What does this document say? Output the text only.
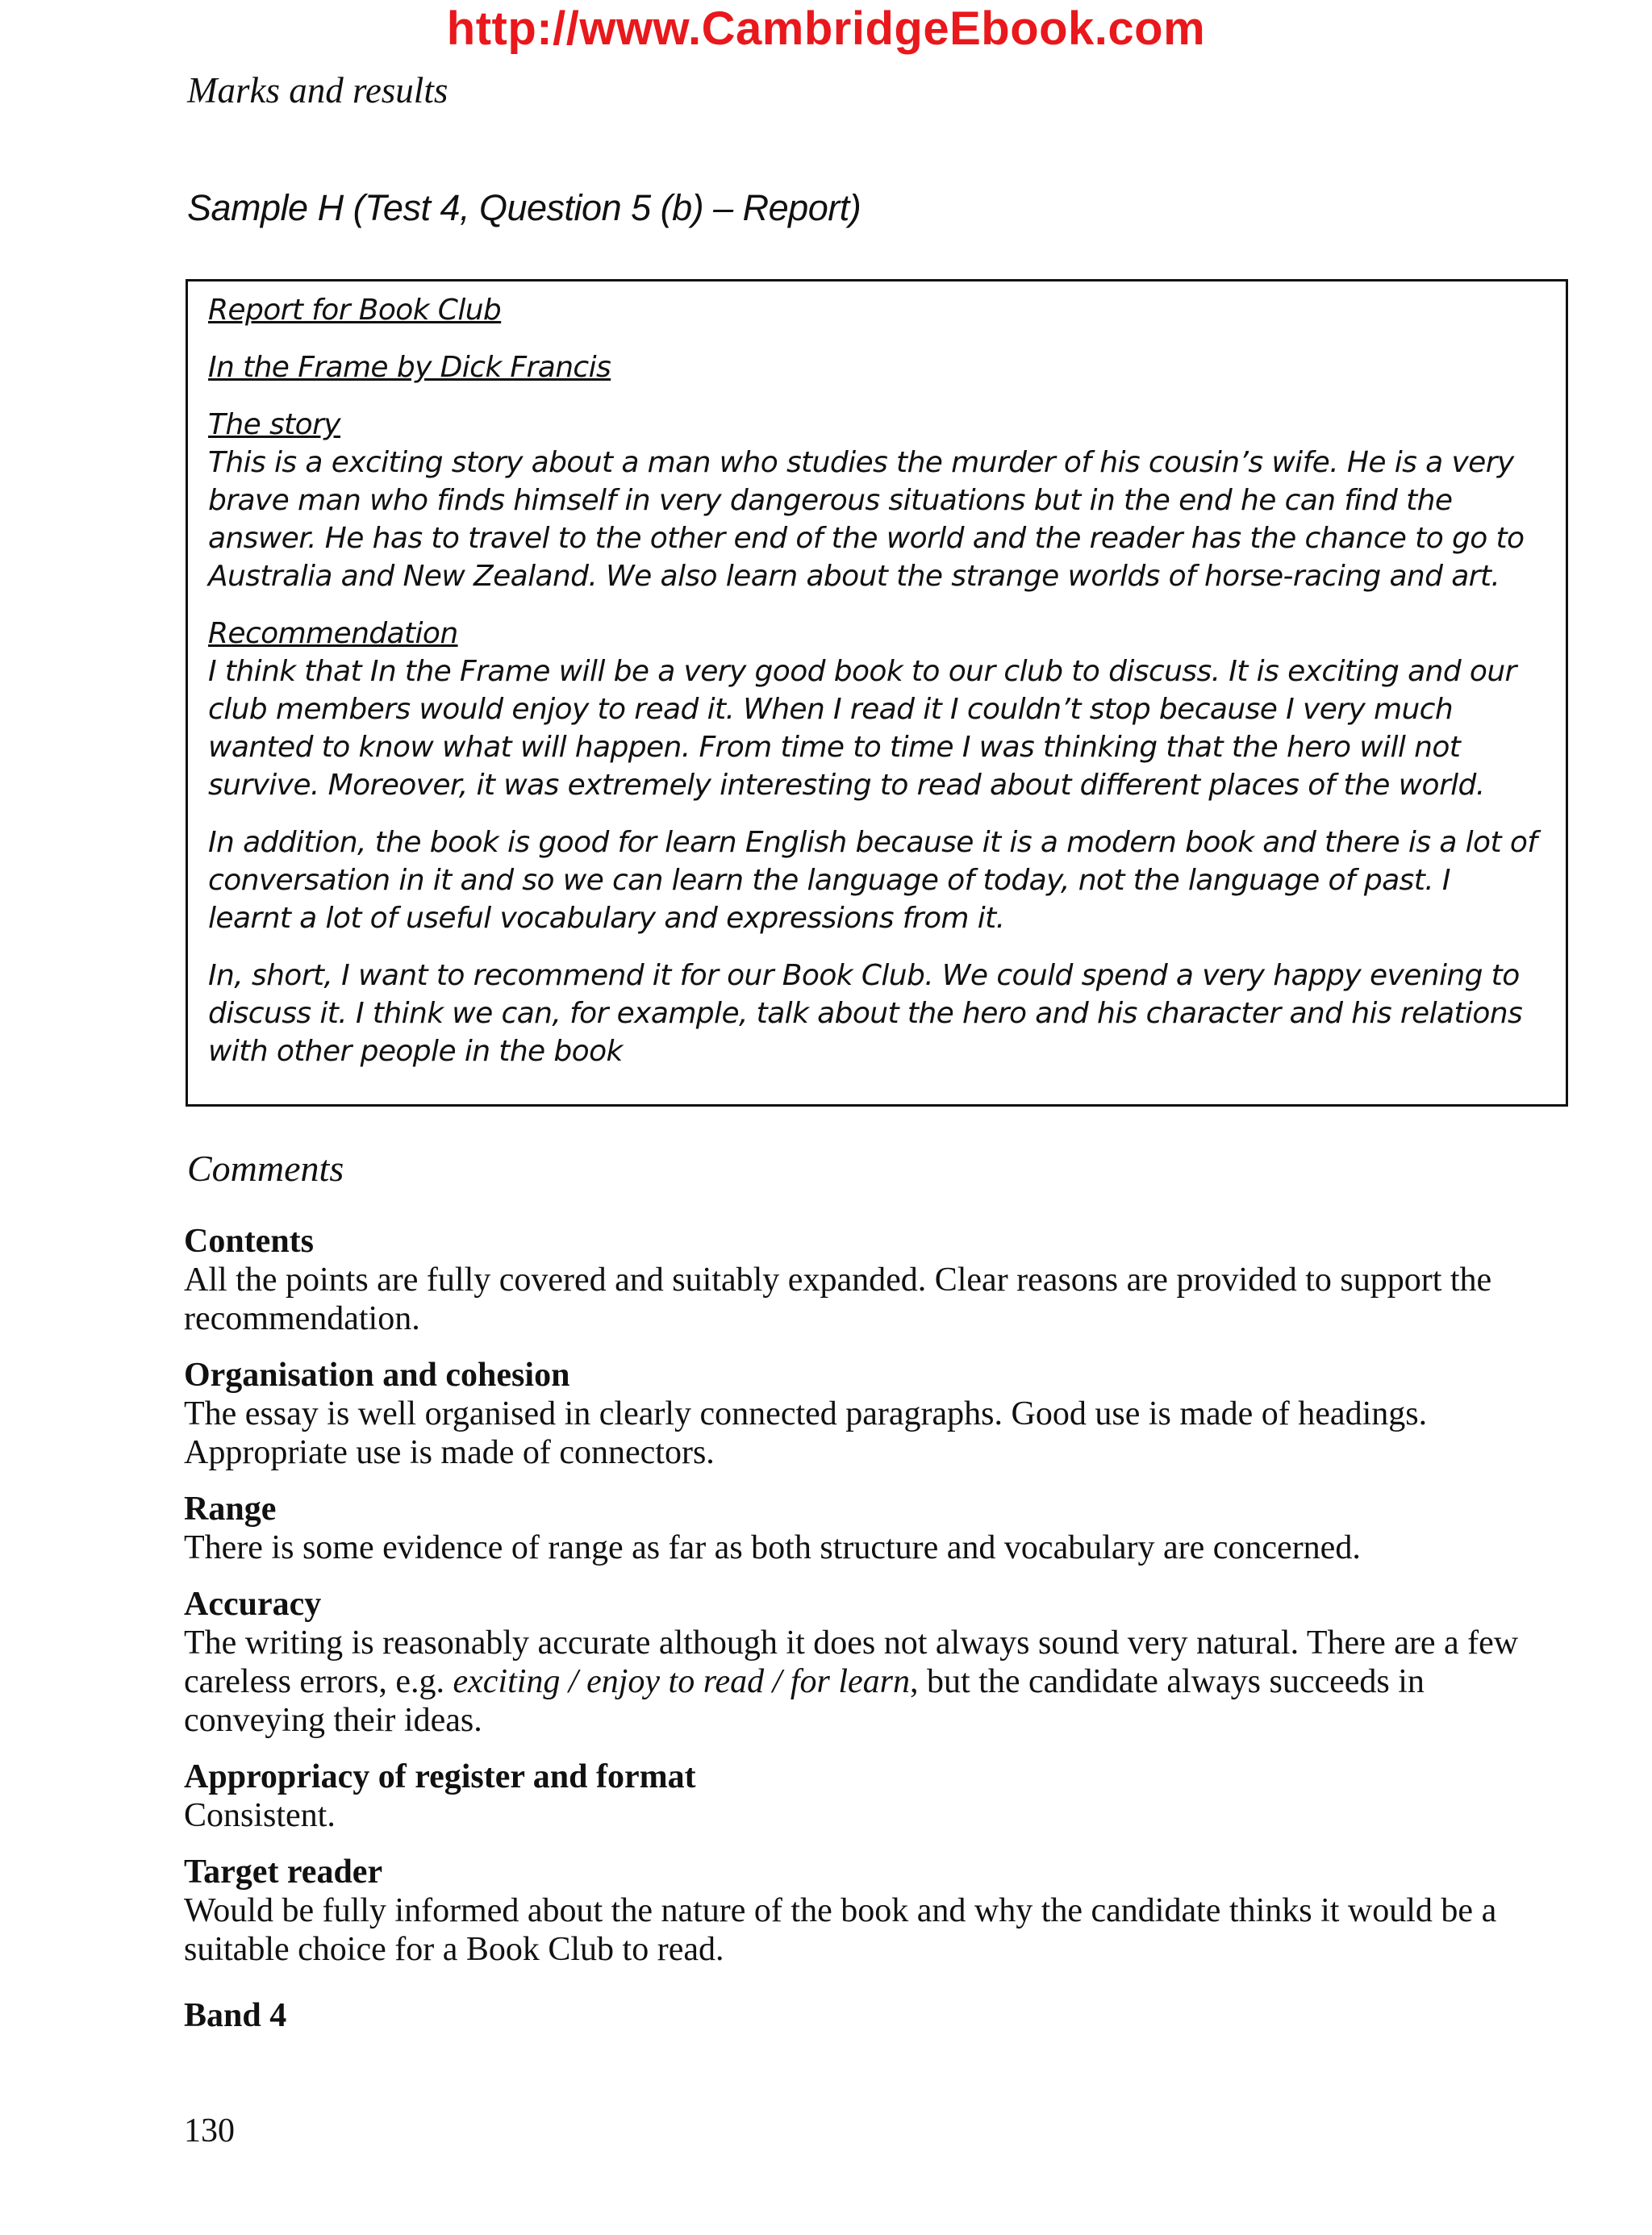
http://www.CambridgeEbook.com
Marks and results
Sample H (Test 4, Question 5 (b) – Report)

Report for Book Club

In the Frame by Dick Francis

The story

This is a exciting story about a man who studies the murder of his cousin’s wife. He is a very brave man who finds himself in very dangerous situations but in the end he can find the answer. He has to travel to the other end of the world and the reader has the chance to go to Australia and New Zealand. We also learn about the strange worlds of horse-racing and art.

Recommendation

I think that In the Frame will be a very good book to our club to discuss. It is exciting and our club members would enjoy to read it. When I read it I couldn’t stop because I very much wanted to know what will happen. From time to time I was thinking that the hero will not survive. Moreover, it was extremely interesting to read about different places of the world.

In addition, the book is good for learn English because it is a modern book and there is a lot of conversation in it and so we can learn the language of today, not the language of past. I learnt a lot of useful vocabulary and expressions from it.

In, short, I want to recommend it for our Book Club. We could spend a very happy evening to discuss it. I think we can, for example, talk about the hero and his character and his relations with other people in the book

Comments
Contents
All the points are fully covered and suitably expanded. Clear reasons are provided to support the recommendation.
Organisation and cohesion
The essay is well organised in clearly connected paragraphs. Good use is made of headings. Appropriate use is made of connectors.
Range
There is some evidence of range as far as both structure and vocabulary are concerned.
Accuracy
The writing is reasonably accurate although it does not always sound very natural. There are a few careless errors, e.g. exciting / enjoy to read / for learn, but the candidate always succeeds in conveying their ideas.
Appropriacy of register and format
Consistent.
Target reader
Would be fully informed about the nature of the book and why the candidate thinks it would be a suitable choice for a Book Club to read.
Band 4
130
